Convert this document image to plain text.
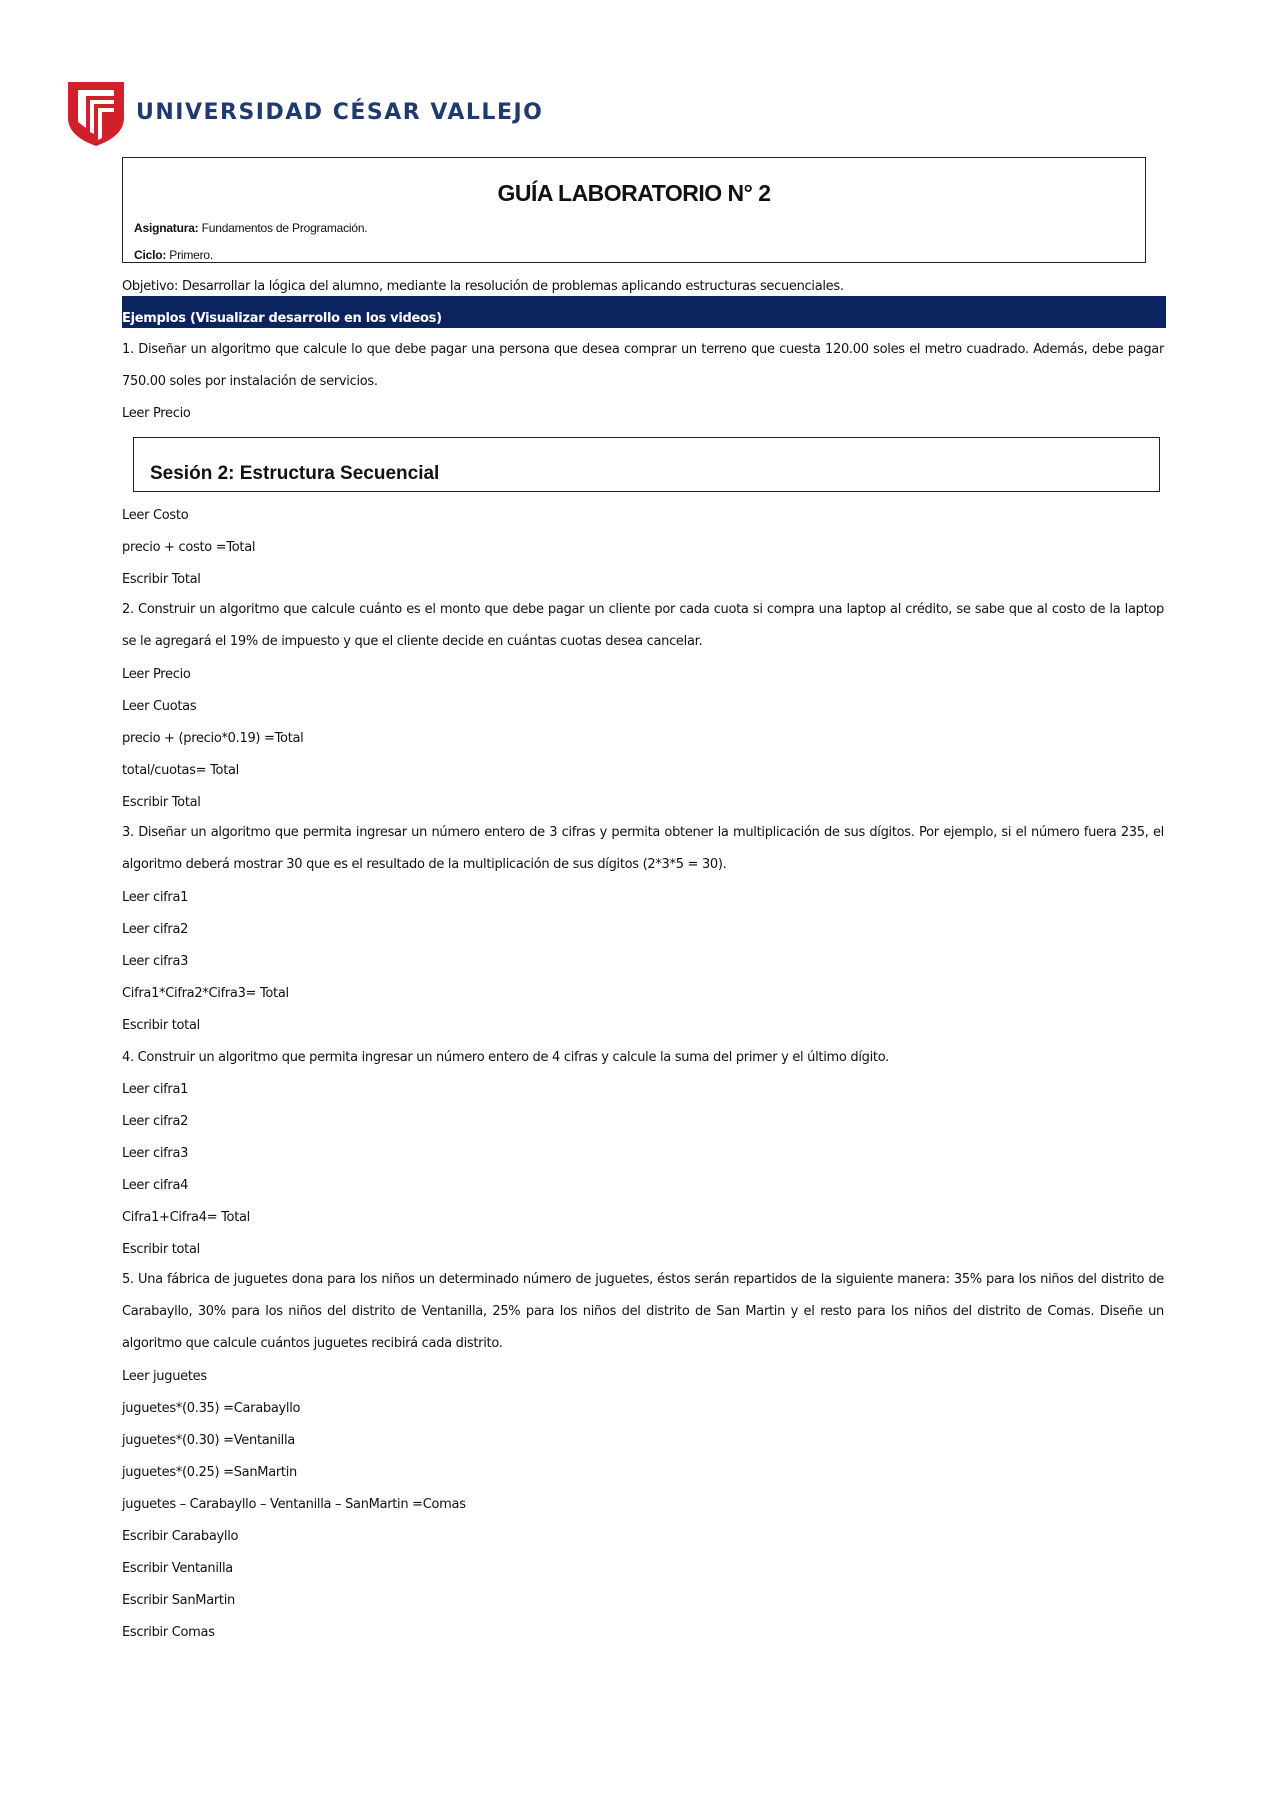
UNIVERSIDAD CÉSAR VALLEJO
GUÍA LABORATORIO N° 2
Asignatura: Fundamentos de Programación.
Ciclo: Primero.
Objetivo: Desarrollar la lógica del alumno, mediante la resolución de problemas aplicando estructuras secuenciales.
Ejemplos (Visualizar desarrollo en los videos)
1. Diseñar un algoritmo que calcule lo que debe pagar una persona que desea comprar un terreno que cuesta 120.00 soles el metro cuadrado. Además, debe pagar 750.00 soles por instalación de servicios.
Leer Precio
Sesión 2: Estructura Secuencial
Leer Costo
precio + costo =Total
Escribir Total
2. Construir un algoritmo que calcule cuánto es el monto que debe pagar un cliente por cada cuota si compra una laptop al crédito, se sabe que al costo de la laptop se le agregará el 19% de impuesto y que el cliente decide en cuántas cuotas desea cancelar.
Leer Precio
Leer Cuotas
precio + (precio*0.19) =Total
total/cuotas= Total
Escribir Total
3. Diseñar un algoritmo que permita ingresar un número entero de 3 cifras y permita obtener la multiplicación de sus dígitos. Por ejemplo, si el número fuera 235, el algoritmo deberá mostrar 30 que es el resultado de la multiplicación de sus dígitos (2*3*5 = 30).
Leer cifra1
Leer cifra2
Leer cifra3
Cifra1*Cifra2*Cifra3= Total
Escribir total
4. Construir un algoritmo que permita ingresar un número entero de 4 cifras y calcule la suma del primer y el último dígito.
Leer cifra1
Leer cifra2
Leer cifra3
Leer cifra4
Cifra1+Cifra4= Total
Escribir total
5. Una fábrica de juguetes dona para los niños un determinado número de juguetes, éstos serán repartidos de la siguiente manera: 35% para los niños del distrito de Carabayllo, 30% para los niños del distrito de Ventanilla, 25% para los niños del distrito de San Martin y el resto para los niños del distrito de Comas. Diseñe un algoritmo que calcule cuántos juguetes recibirá cada distrito.
Leer juguetes
juguetes*(0.35) =Carabayllo
juguetes*(0.30) =Ventanilla
juguetes*(0.25) =SanMartin
juguetes – Carabayllo – Ventanilla – SanMartin =Comas
Escribir Carabayllo
Escribir Ventanilla
Escribir SanMartin
Escribir Comas
